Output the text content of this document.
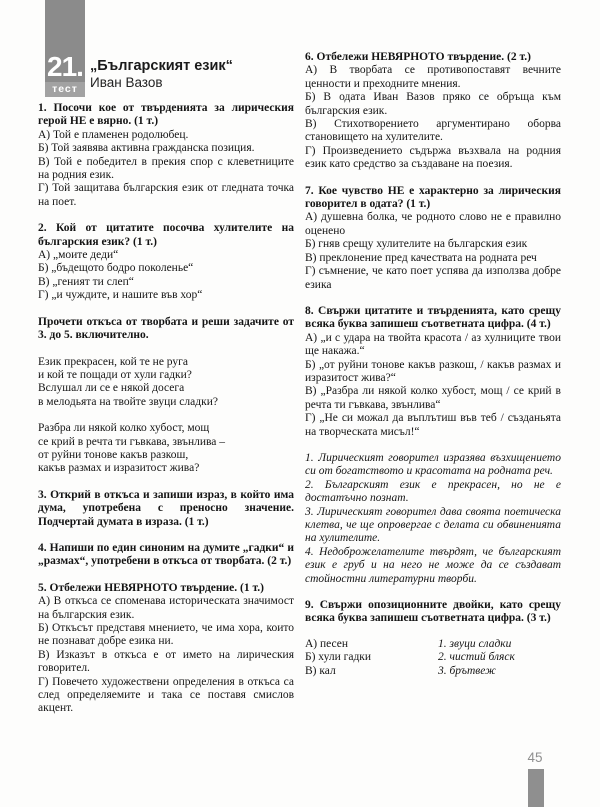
21.
тест
„Българският език“
Иван Вазов

1. Посочи кое от твърденията за лирическия герой НЕ е вярно. (1 т.)

А) Той е пламенен родолюбец.

Б) Той заявява активна гражданска позиция.

В) Той е победител в прекия спор с клеветниците на родния език.

Г) Той защитава българския език от гледната точка на поет.

2. Кой от цитатите посочва хулителите на българския език? (1 т.)

А) „моите деди“

Б) „бъдещото бодро поколенье“

В) „геният ти слеп“

Г) „и чуждите, и нашите във хор“

Прочети откъса от творбата и реши задачите от 3. до 5. включително.

Език прекрасен, кой те не руга

и кой те пощади от хули гадки?

Вслушал ли се е някой досега

в мелодьята на твойте звуци сладки?

Разбра ли някой колко хубост, мощ

се крий в речта ти гъвкава, звънлива –

от руйни тонове какъв разкош,

какъв размах и изразитост жива?

3. Открий в откъса и запиши израз, в който има дума, употребена с преносно значение. Подчертай думата в израза. (1 т.)

4. Напиши по един синоним на думите „гадки“ и „размах“, употребени в откъса от творбата. (2 т.)

5. Отбележи НЕВЯРНОТО твърдение. (1 т.)

А) В откъса се споменава историческата значимост на българския език.

Б) Откъсът представя мнението, че има хора, които не познават добре езика ни.

В) Изказът в откъса е от името на лирическия говорител.

Г) Повечето художествени определения в откъса са след определяемите и така се поставя смислов акцент.

6. Отбележи НЕВЯРНОТО твърдение. (2 т.)

А) В творбата се противопоставят вечните ценности и преходните мнения.

Б) В одата Иван Вазов пряко се обръща към българския език.

В) Стихотворението аргументирано оборва становището на хулителите.

Г) Произведението съдържа възхвала на родния език като средство за създаване на поезия.

7. Кое чувство НЕ е характерно за лирическия говорител в одата? (1 т.)

А) душевна болка, че родното слово не е правилно оценено

Б) гняв срещу хулителите на българския език

В) преклонение пред качествата на родната реч

Г) съмнение, че като поет успява да използва добре езика

8. Свържи цитатите и твърденията, като срещу всяка буква запишеш съответната цифра. (4 т.)

А) „и с удара на твойта красота / аз хулниците твои ще накажа.“

Б) „от руйни тонове какъв разкош, / какъв размах и изразитост жива?“

В) „Разбра ли някой колко хубост, мощ / се крий в речта ти гъвкава, звънлива“

Г) „Не си можал да въплътиш във теб / създаньята на творческата мисъл!“

1. Лирическият говорител изразява възхищението си от богатството и красотата на родната реч.

2. Българският език е прекрасен, но не е достатъчно познат.

3. Лирическият говорител дава своята поетическа клетва, че ще опровергае с делата си обвиненията на хулителите.

4. Недоброжелателите твърдят, че българският език е груб и на него не може да се създават стойностни литературни творби.

9. Свържи опозиционните двойки, като срещу всяка буква запишеш съответната цифра. (3 т.)

А) песен

Б) хули гадки

В) кал

1. звуци сладки

2. чистий бляск

3. брътвеж

45
